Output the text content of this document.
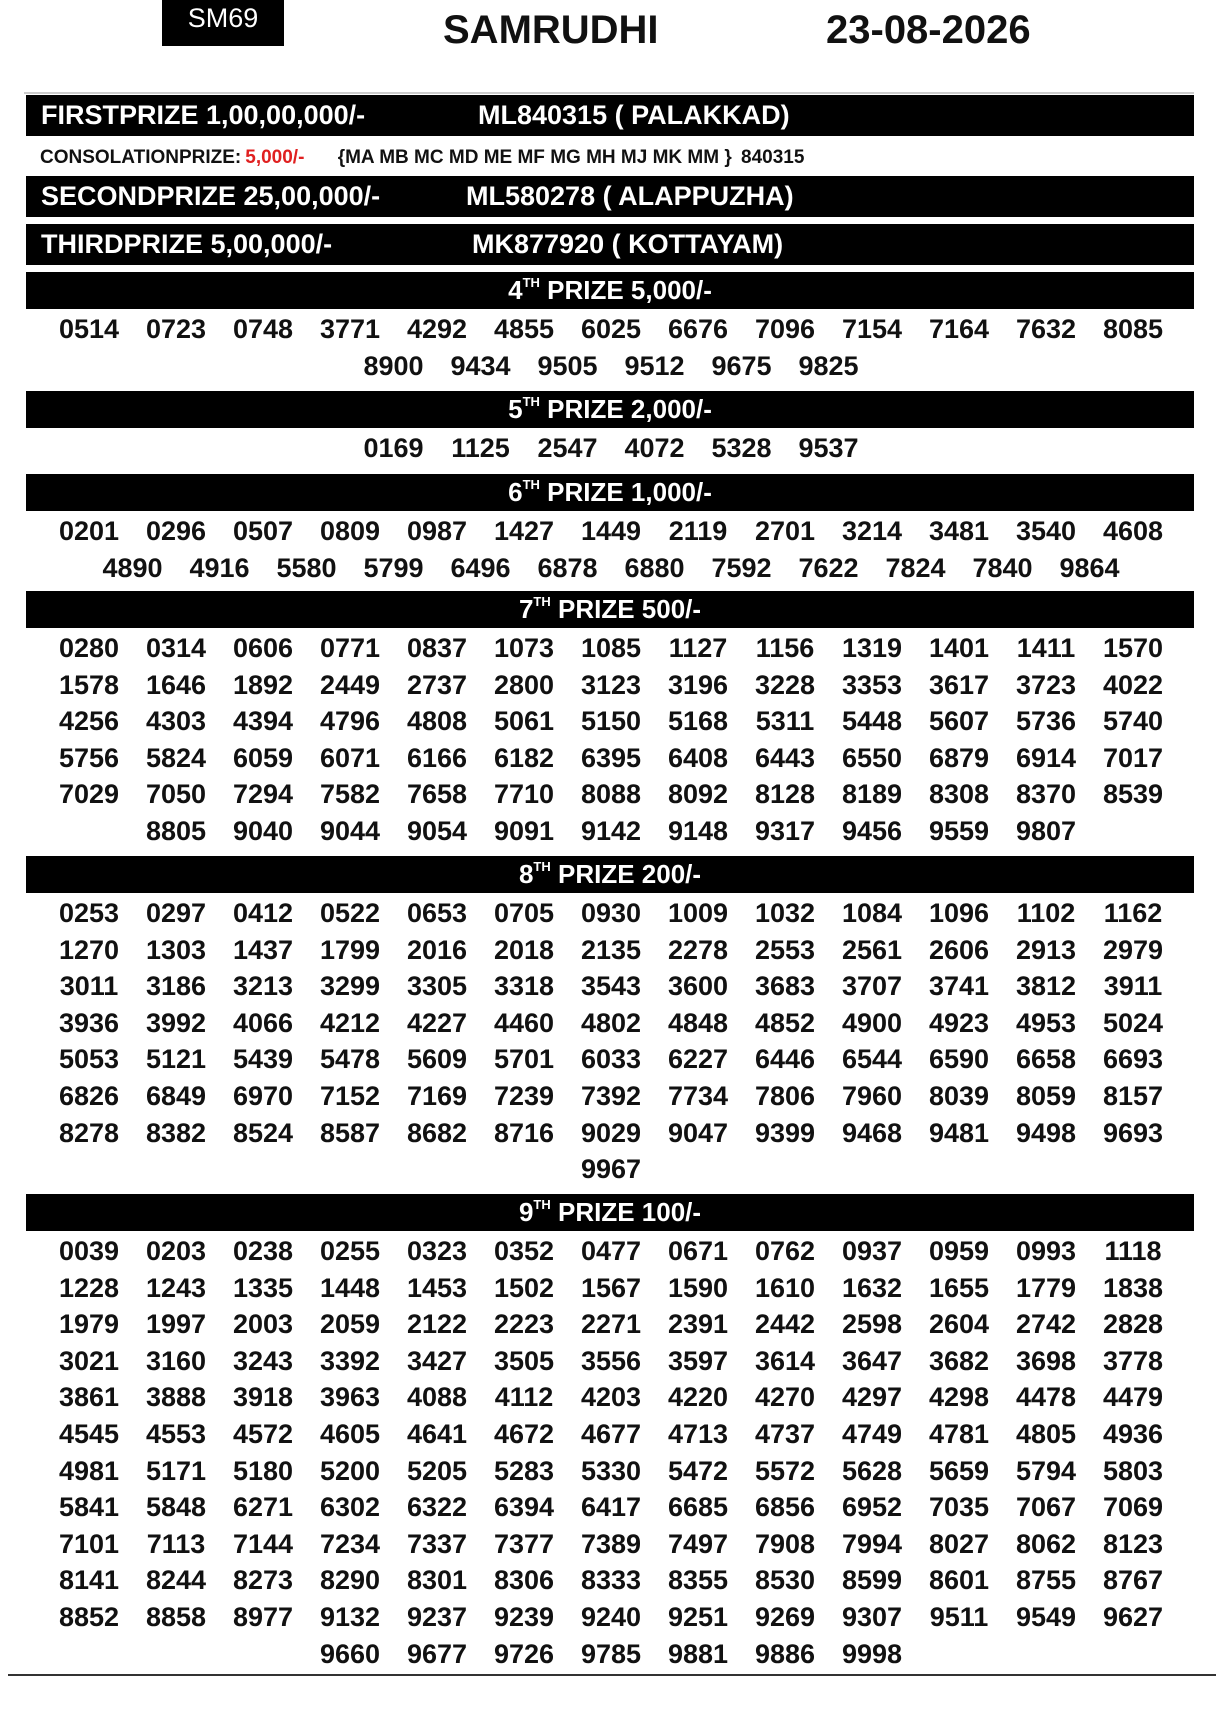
SM69	SAMRUDHI	23-08-2026
FIRSTPRIZE 1,00,00,000/-	ML840315 ( PALAKKAD)
CONSOLATIONPRIZE: 5,000/- {MA MB MC MD ME MF MG MH MJ MK MM } 840315
SECONDPRIZE 25,00,000/-	ML580278 ( ALAPPUZHA)
THIRDPRIZE 5,00,000/-	MK877920 ( KOTTAYAM)
4TH PRIZE 5,000/-
0514 0723 0748 3771 4292 4855 6025 6676 7096 7154 7164 7632 8085
8900 9434 9505 9512 9675 9825
5TH PRIZE 2,000/-
0169	1125	2547 4072 5328 9537
6TH PRIZE 1,000/-
0201 0296 0507 0809 0987 1427 1449	2119	2701 3214 3481 3540 4608
4890 4916 5580 5799 6496 6878 6880 7592 7622 7824 7840 9864
7TH PRIZE 500/-
0280 0314 0606 0771 0837 1073 1085	1127	1156	1319 1401	1411	1570
1578 1646 1892 2449 2737 2800 3123 3196 3228 3353 3617 3723 4022
4256 4303 4394 4796 4808 5061 5150 5168	5311	5448 5607 5736 5740
5756 5824 6059 6071 6166 6182 6395 6408 6443 6550 6879 6914 7017
7029 7050 7294 7582 7658 7710 8088 8092 8128 8189 8308 8370 8539
8805 9040 9044 9054 9091 9142 9148 9317 9456 9559 9807
8TH PRIZE 200/-
0253 0297 0412 0522 0653 0705 0930 1009 1032 1084 1096	1102	1162
1270 1303 1437 1799 2016 2018 2135 2278 2553 2561 2606 2913 2979
3011	3186 3213 3299 3305 3318 3543 3600 3683 3707 3741 3812	3911
3936 3992 4066 4212 4227 4460 4802 4848 4852 4900 4923 4953 5024
5053 5121 5439 5478 5609 5701 6033 6227 6446 6544 6590 6658 6693
6826 6849 6970 7152 7169 7239 7392 7734 7806 7960 8039 8059 8157
8278 8382 8524 8587 8682 8716 9029 9047 9399 9468 9481 9498 9693
9967
9TH PRIZE 100/-
0039 0203 0238 0255 0323 0352 0477 0671 0762 0937 0959 0993	1118
1228 1243 1335 1448 1453 1502 1567 1590 1610 1632 1655 1779 1838
1979 1997 2003 2059 2122 2223 2271 2391 2442 2598 2604 2742 2828
3021 3160 3243 3392 3427 3505 3556 3597 3614 3647 3682 3698 3778
3861 3888 3918 3963 4088	4112	4203 4220 4270 4297 4298 4478 4479
4545 4553 4572 4605 4641 4672 4677 4713 4737 4749 4781 4805 4936
4981 5171 5180 5200 5205 5283 5330 5472 5572 5628 5659 5794 5803
5841 5848 6271 6302 6322 6394 6417 6685 6856 6952 7035 7067 7069
7101	7113	7144 7234 7337 7377 7389 7497 7908 7994 8027 8062 8123
8141 8244 8273 8290 8301 8306 8333 8355 8530 8599 8601 8755 8767
8852 8858 8977 9132 9237 9239 9240 9251 9269 9307	9511	9549 9627
9660 9677 9726 9785 9881 9886 9998
